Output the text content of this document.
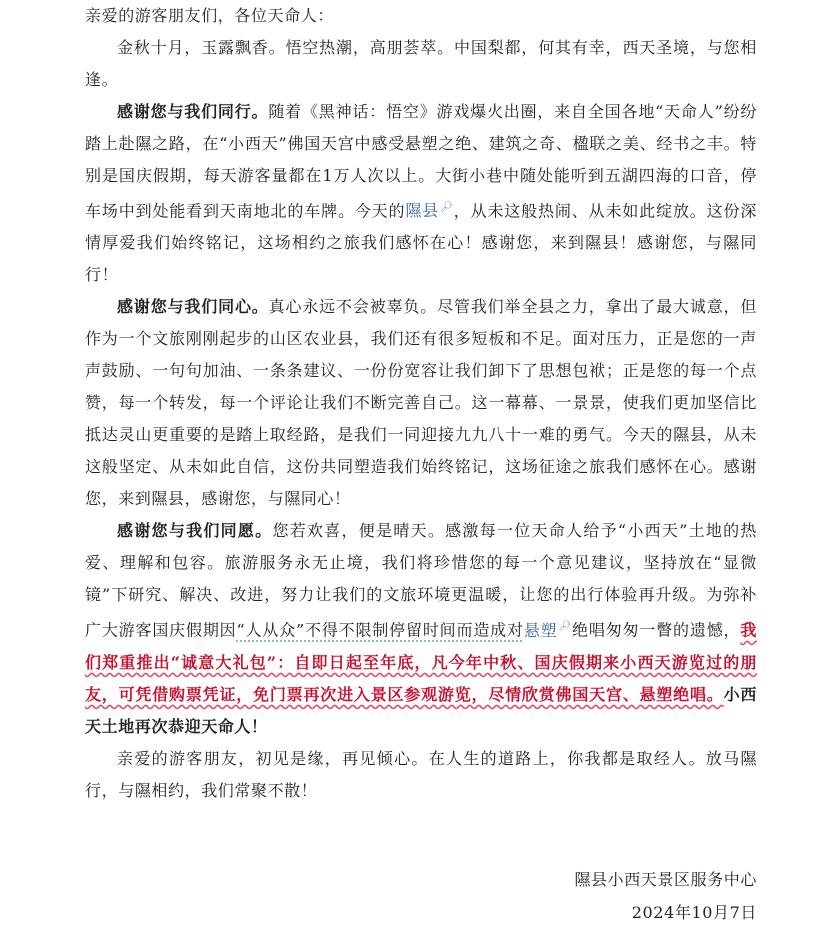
亲爱的游客朋友们，各位天命人：

金秋十月，玉露飘香。悟空热潮，高朋荟萃。中国梨都，何其有幸，西天圣境，与您相逢。

感谢您与我们同行。随着《黑神话：悟空》游戏爆火出圈，来自全国各地“天命人”纷纷踏上赴隰之路，在“小西天”佛国天宫中感受悬塑之绝、建筑之奇、楹联之美、经书之丰。特别是国庆假期，每天游客量都在1万人次以上。大街小巷中随处能听到五湖四海的口音，停车场中到处能看到天南地北的车牌。今天的隰县🔎︎，从未这般热闹、从未如此绽放。这份深情厚爱我们始终铭记，这场相约之旅我们感怀在心！感谢您，来到隰县！感谢您，与隰同行！

感谢您与我们同心。真心永远不会被辜负。尽管我们举全县之力，拿出了最大诚意，但作为一个文旅刚刚起步的山区农业县，我们还有很多短板和不足。面对压力，正是您的一声声鼓励、一句句加油、一条条建议、一份份宽容让我们卸下了思想包袱；正是您的每一个点赞，每一个转发，每一个评论让我们不断完善自己。这一幕幕、一景景，使我们更加坚信比抵达灵山更重要的是踏上取经路，是我们一同迎接九九八十一难的勇气。今天的隰县，从未这般坚定、从未如此自信，这份共同塑造我们始终铭记，这场征途之旅我们感怀在心。感谢您，来到隰县，感谢您，与隰同心！

感谢您与我们同愿。您若欢喜，便是晴天。感激每一位天命人给予“小西天”土地的热爱、理解和包容。旅游服务永无止境，我们将珍惜您的每一个意见建议，坚持放在“显微镜”下研究、解决、改进，努力让我们的文旅环境更温暖，让您的出行体验再升级。为弥补广大游客国庆假期因“人从众”不得不限制停留时间而造成对悬塑🔎︎绝唱匆匆一瞥的遗憾，我们郑重推出“诚意大礼包”：自即日起至年底，凡今年中秋、国庆假期来小西天游览过的朋友，可凭借购票凭证，免门票再次进入景区参观游览，尽情欣赏佛国天宫、悬塑绝唱。小西天土地再次恭迎天命人！

亲爱的游客朋友，初见是缘，再见倾心。在人生的道路上，你我都是取经人。放马隰行，与隰相约，我们常聚不散！

隰县小西天景区服务中心
2024年10月7日
